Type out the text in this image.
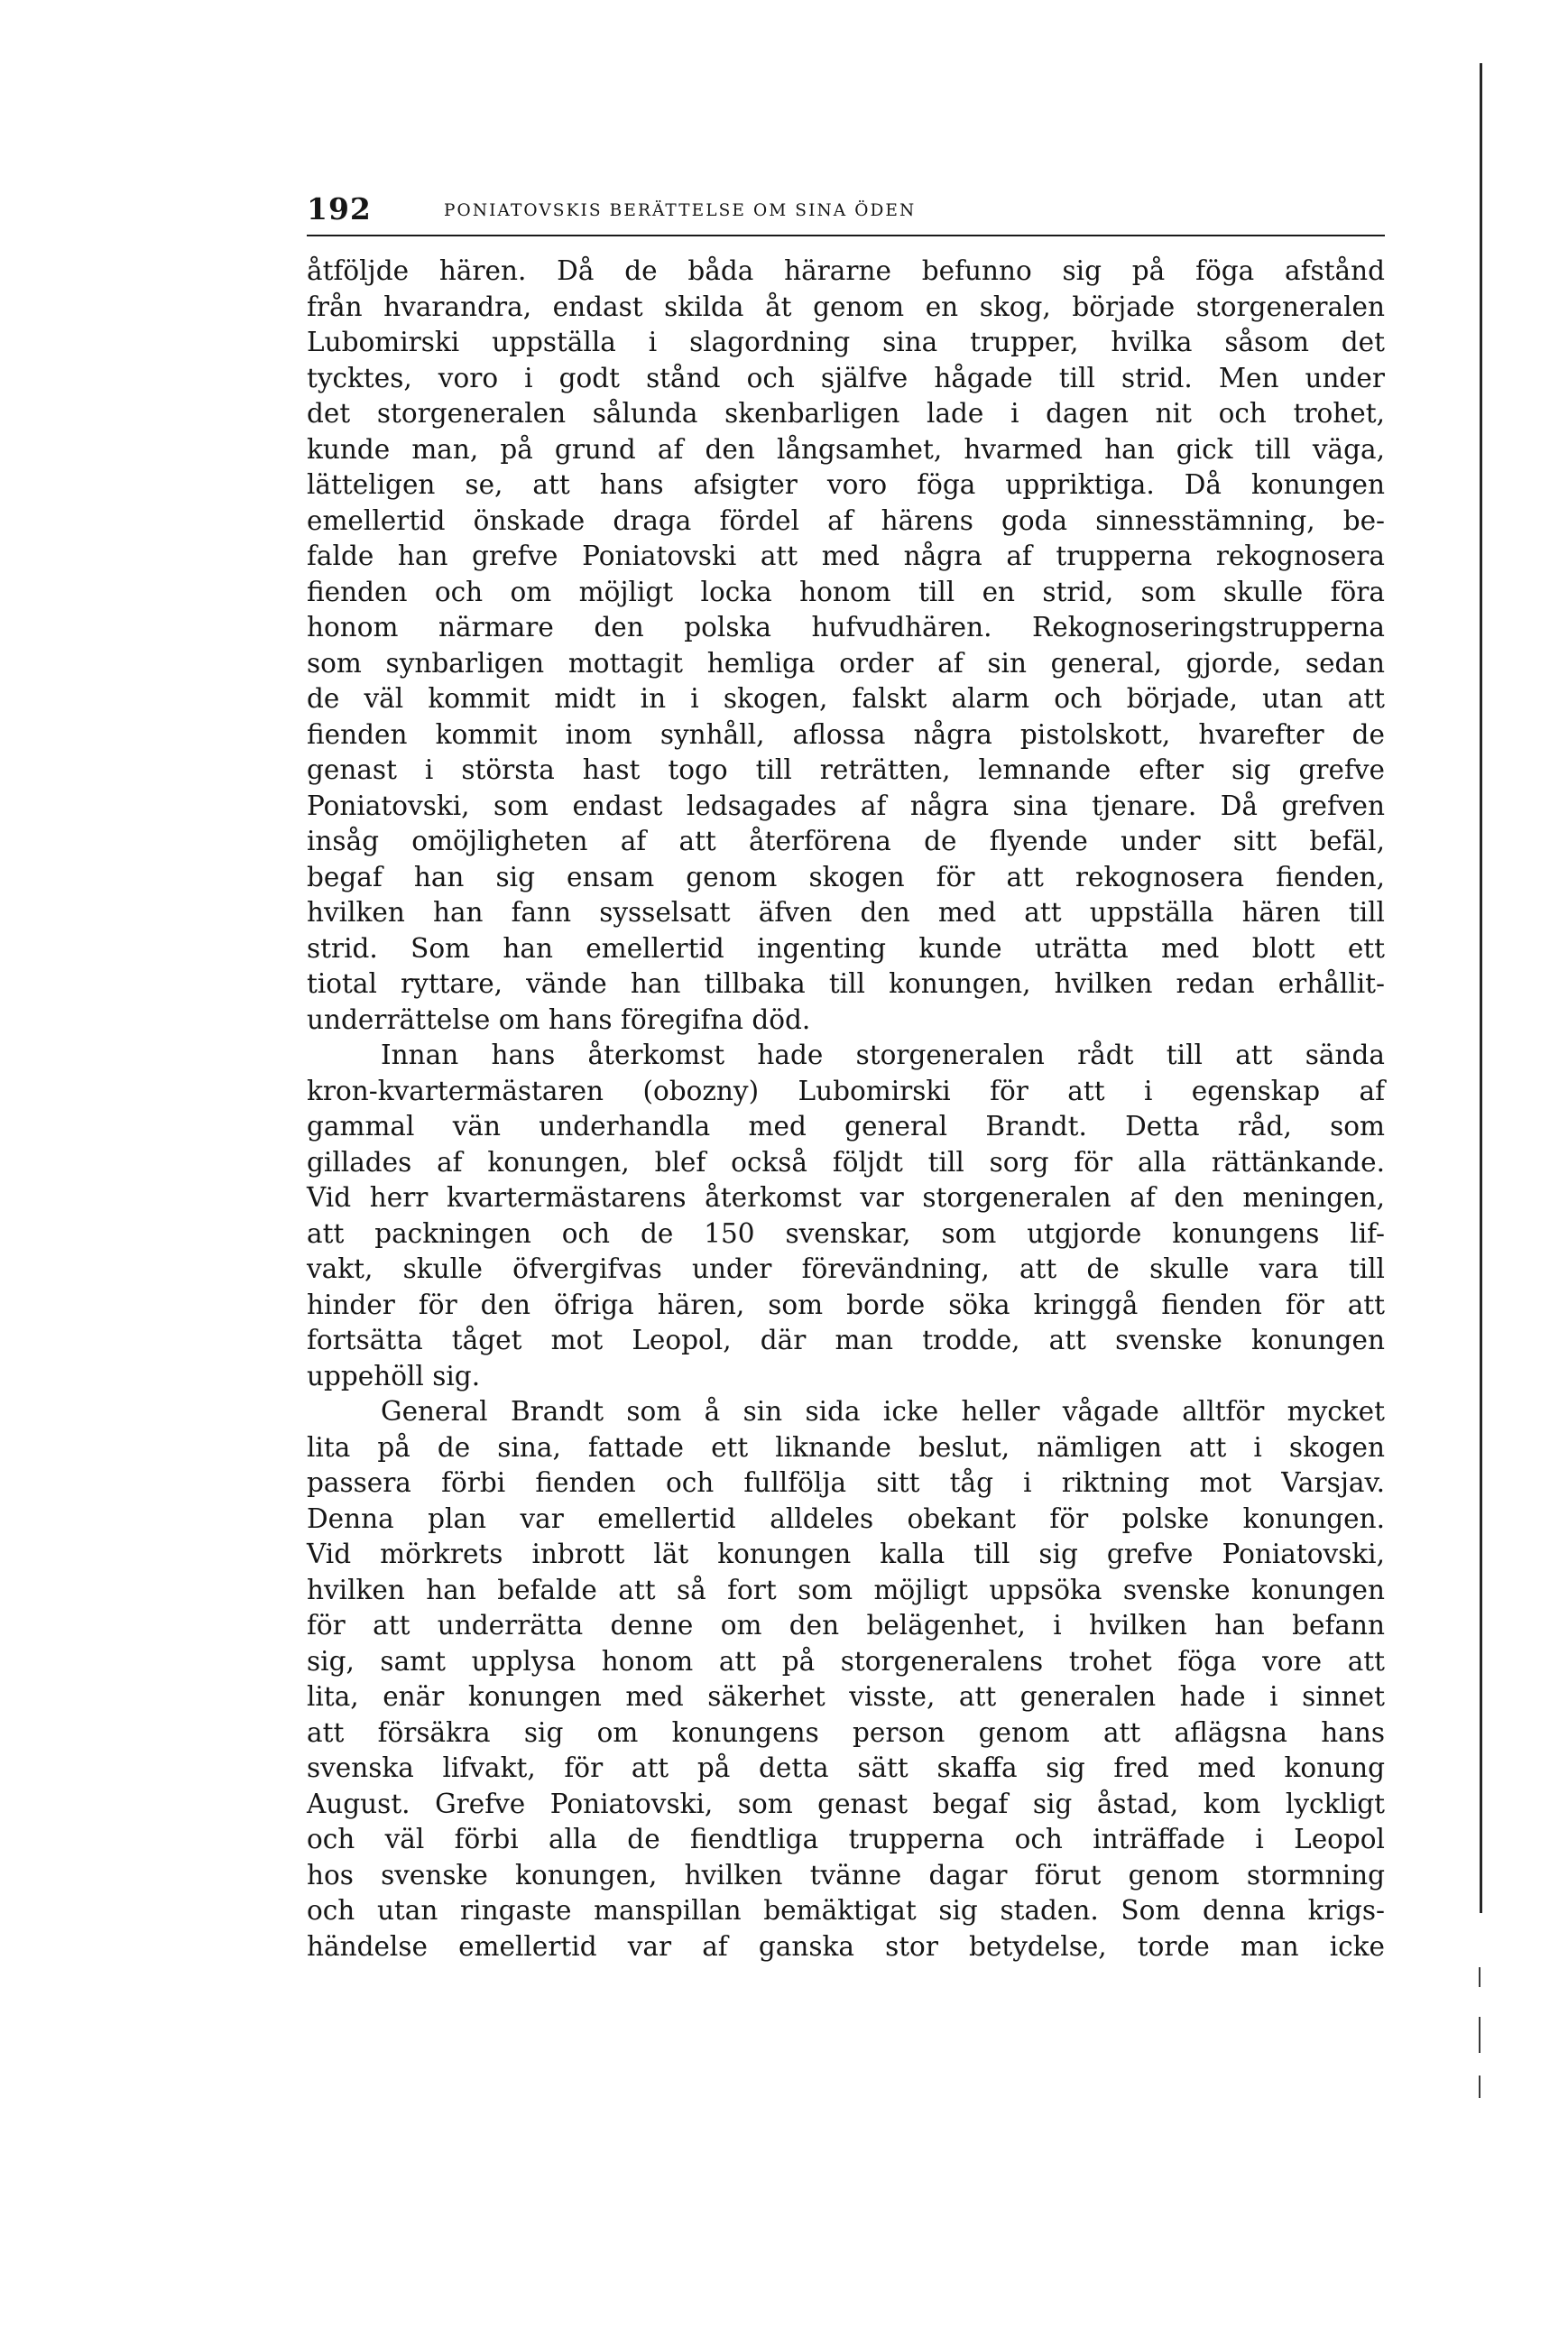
192	PONIATOVSKIS BERÄTTELSE OM SINA ÖDEN
åtföljde hären. Då de båda härarne befunno sig på föga afstånd
från hvarandra, endast skilda åt genom en skog, började storgeneralen
Lubomirski uppställa i slagordning sina trupper, hvilka såsom det
tycktes, voro i godt stånd och själfve hågade till strid. Men under
det storgeneralen sålunda skenbarligen lade i dagen nit och trohet,
kunde man, på grund af den långsamhet, hvarmed han gick till väga,
lätteligen se, att hans afsigter voro föga uppriktiga. Då konungen
emellertid önskade draga fördel af härens goda sinnesstämning, be-
falde han grefve Poniatovski att med några af trupperna rekognosera
fienden och om möjligt locka honom till en strid, som skulle föra
honom närmare den polska hufvudhären. Rekognoseringstrupperna
som synbarligen mottagit hemliga order af sin general, gjorde, sedan
de väl kommit midt in i skogen, falskt alarm och började, utan att
fienden kommit inom synhåll, aflossa några pistolskott, hvarefter de
genast i största hast togo till reträtten, lemnande efter sig grefve
Poniatovski, som endast ledsagades af några sina tjenare. Då grefven
insåg omöjligheten af att återförena de flyende under sitt befäl,
begaf han sig ensam genom skogen för att rekognosera fienden,
hvilken han fann sysselsatt äfven den med att uppställa hären till
strid. Som han emellertid ingenting kunde uträtta med blott ett
tiotal ryttare, vände han tillbaka till konungen, hvilken redan erhållit-
underrättelse om hans föregifna död.
Innan hans återkomst hade storgeneralen rådt till att sända
kron-kvartermästaren (obozny) Lubomirski för att i egenskap af
gammal vän underhandla med general Brandt. Detta råd, som
gillades af konungen, blef också följdt till sorg för alla rättänkande.
Vid herr kvartermästarens återkomst var storgeneralen af den meningen,
att packningen och de 150 svenskar, som utgjorde konungens lif-
vakt, skulle öfvergifvas under förevändning, att de skulle vara till
hinder för den öfriga hären, som borde söka kringgå fienden för att
fortsätta tåget mot Leopol, där man trodde, att svenske konungen
uppehöll sig.
General Brandt som å sin sida icke heller vågade alltför mycket
lita på de sina, fattade ett liknande beslut, nämligen att i skogen
passera förbi fienden och fullfölja sitt tåg i riktning mot Varsjav.
Denna plan var emellertid alldeles obekant för polske konungen.
Vid mörkrets inbrott lät konungen kalla till sig grefve Poniatovski,
hvilken han befalde att så fort som möjligt uppsöka svenske konungen
för att underrätta denne om den belägenhet, i hvilken han befann
sig, samt upplysa honom att på storgeneralens trohet föga vore att
lita, enär konungen med säkerhet visste, att generalen hade i sinnet
att försäkra sig om konungens person genom att aflägsna hans
svenska lifvakt, för att på detta sätt skaffa sig fred med konung
August. Grefve Poniatovski, som genast begaf sig åstad, kom lyckligt
och väl förbi alla de fiendtliga trupperna och inträffade i Leopol
hos svenske konungen, hvilken tvänne dagar förut genom stormning
och utan ringaste manspillan bemäktigat sig staden. Som denna krigs-
händelse emellertid var af ganska stor betydelse, torde man icke
